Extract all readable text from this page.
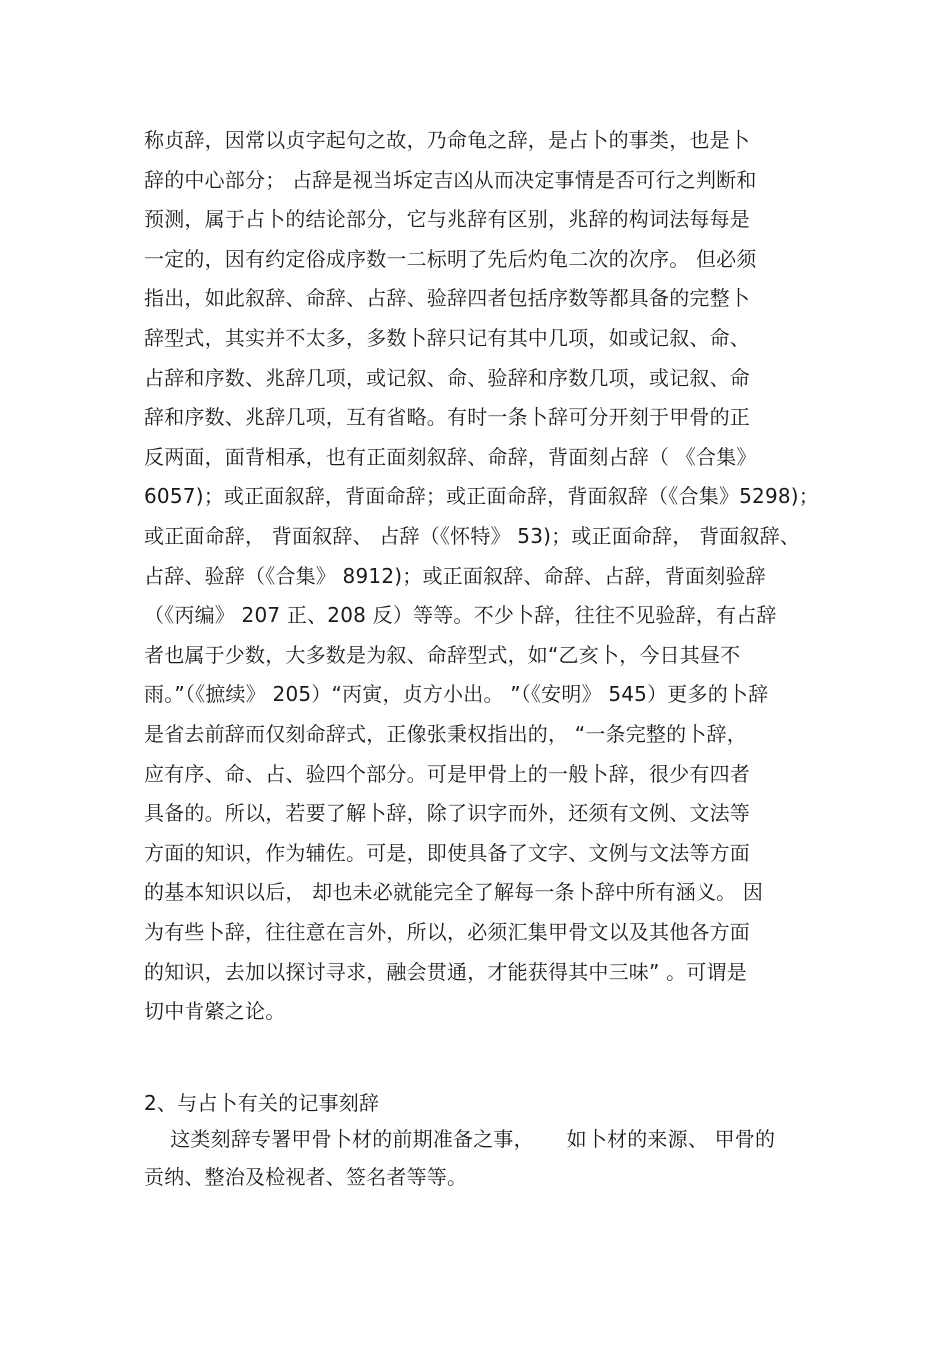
称贞辞，因常以贞字起句之故，乃命龟之辞，是占卜的事类，也是卜
辞的中心部分； 占辞是视当坼定吉凶从而决定事情是否可行之判断和
预测，属于占卜的结论部分，它与兆辞有区别，兆辞的构词法每每是
一定的，因有约定俗成序数一二标明了先后灼龟二次的次序。 但必须
指出，如此叙辞、命辞、占辞、验辞四者包括序数等都具备的完整卜
辞型式，其实并不太多，多数卜辞只记有其中几项，如或记叙、命、
占辞和序数、兆辞几项，或记叙、命、验辞和序数几项，或记叙、命
辞和序数、兆辞几项，互有省略。有时一条卜辞可分开刻于甲骨的正
反两面，面背相承，也有正面刻叙辞、命辞，背面刻占辞（ 《合集》
6057)；或正面叙辞，背面命辞；或正面命辞，背面叙辞（《合集》5298)；
或正面命辞， 背面叙辞、 占辞（《怀特》 53)；或正面命辞， 背面叙辞、
占辞、验辞（《合集》 8912)；或正面叙辞、命辞、占辞，背面刻验辞
（《丙编》 207 正、208 反）等等。不少卜辞，往往不见验辞，有占辞
者也属于少数，大多数是为叙、命辞型式，如“乙亥卜，今日其昼不
雨。”（《摭续》 205）“丙寅，贞方小出。 ”（《安明》 545）更多的卜辞
是省去前辞而仅刻命辞式，正像张秉权指出的， “一条完整的卜辞，
应有序、命、占、验四个部分。可是甲骨上的一般卜辞，很少有四者
具备的。所以，若要了解卜辞，除了识字而外，还须有文例、文法等
方面的知识，作为辅佐。可是，即使具备了文字、文例与文法等方面
的基本知识以后， 却也未必就能完全了解每一条卜辞中所有涵义。 因
为有些卜辞，往往意在言外，所以，必须汇集甲骨文以及其他各方面
的知识，去加以探讨寻求，融会贯通，才能获得其中三味” 。可谓是
切中肯綮之论。
2、与占卜有关的记事刻辞
这类刻辞专署甲骨卜材的前期准备之事，     如卜材的来源、 甲骨的
贡纳、整治及检视者、签名者等等。
